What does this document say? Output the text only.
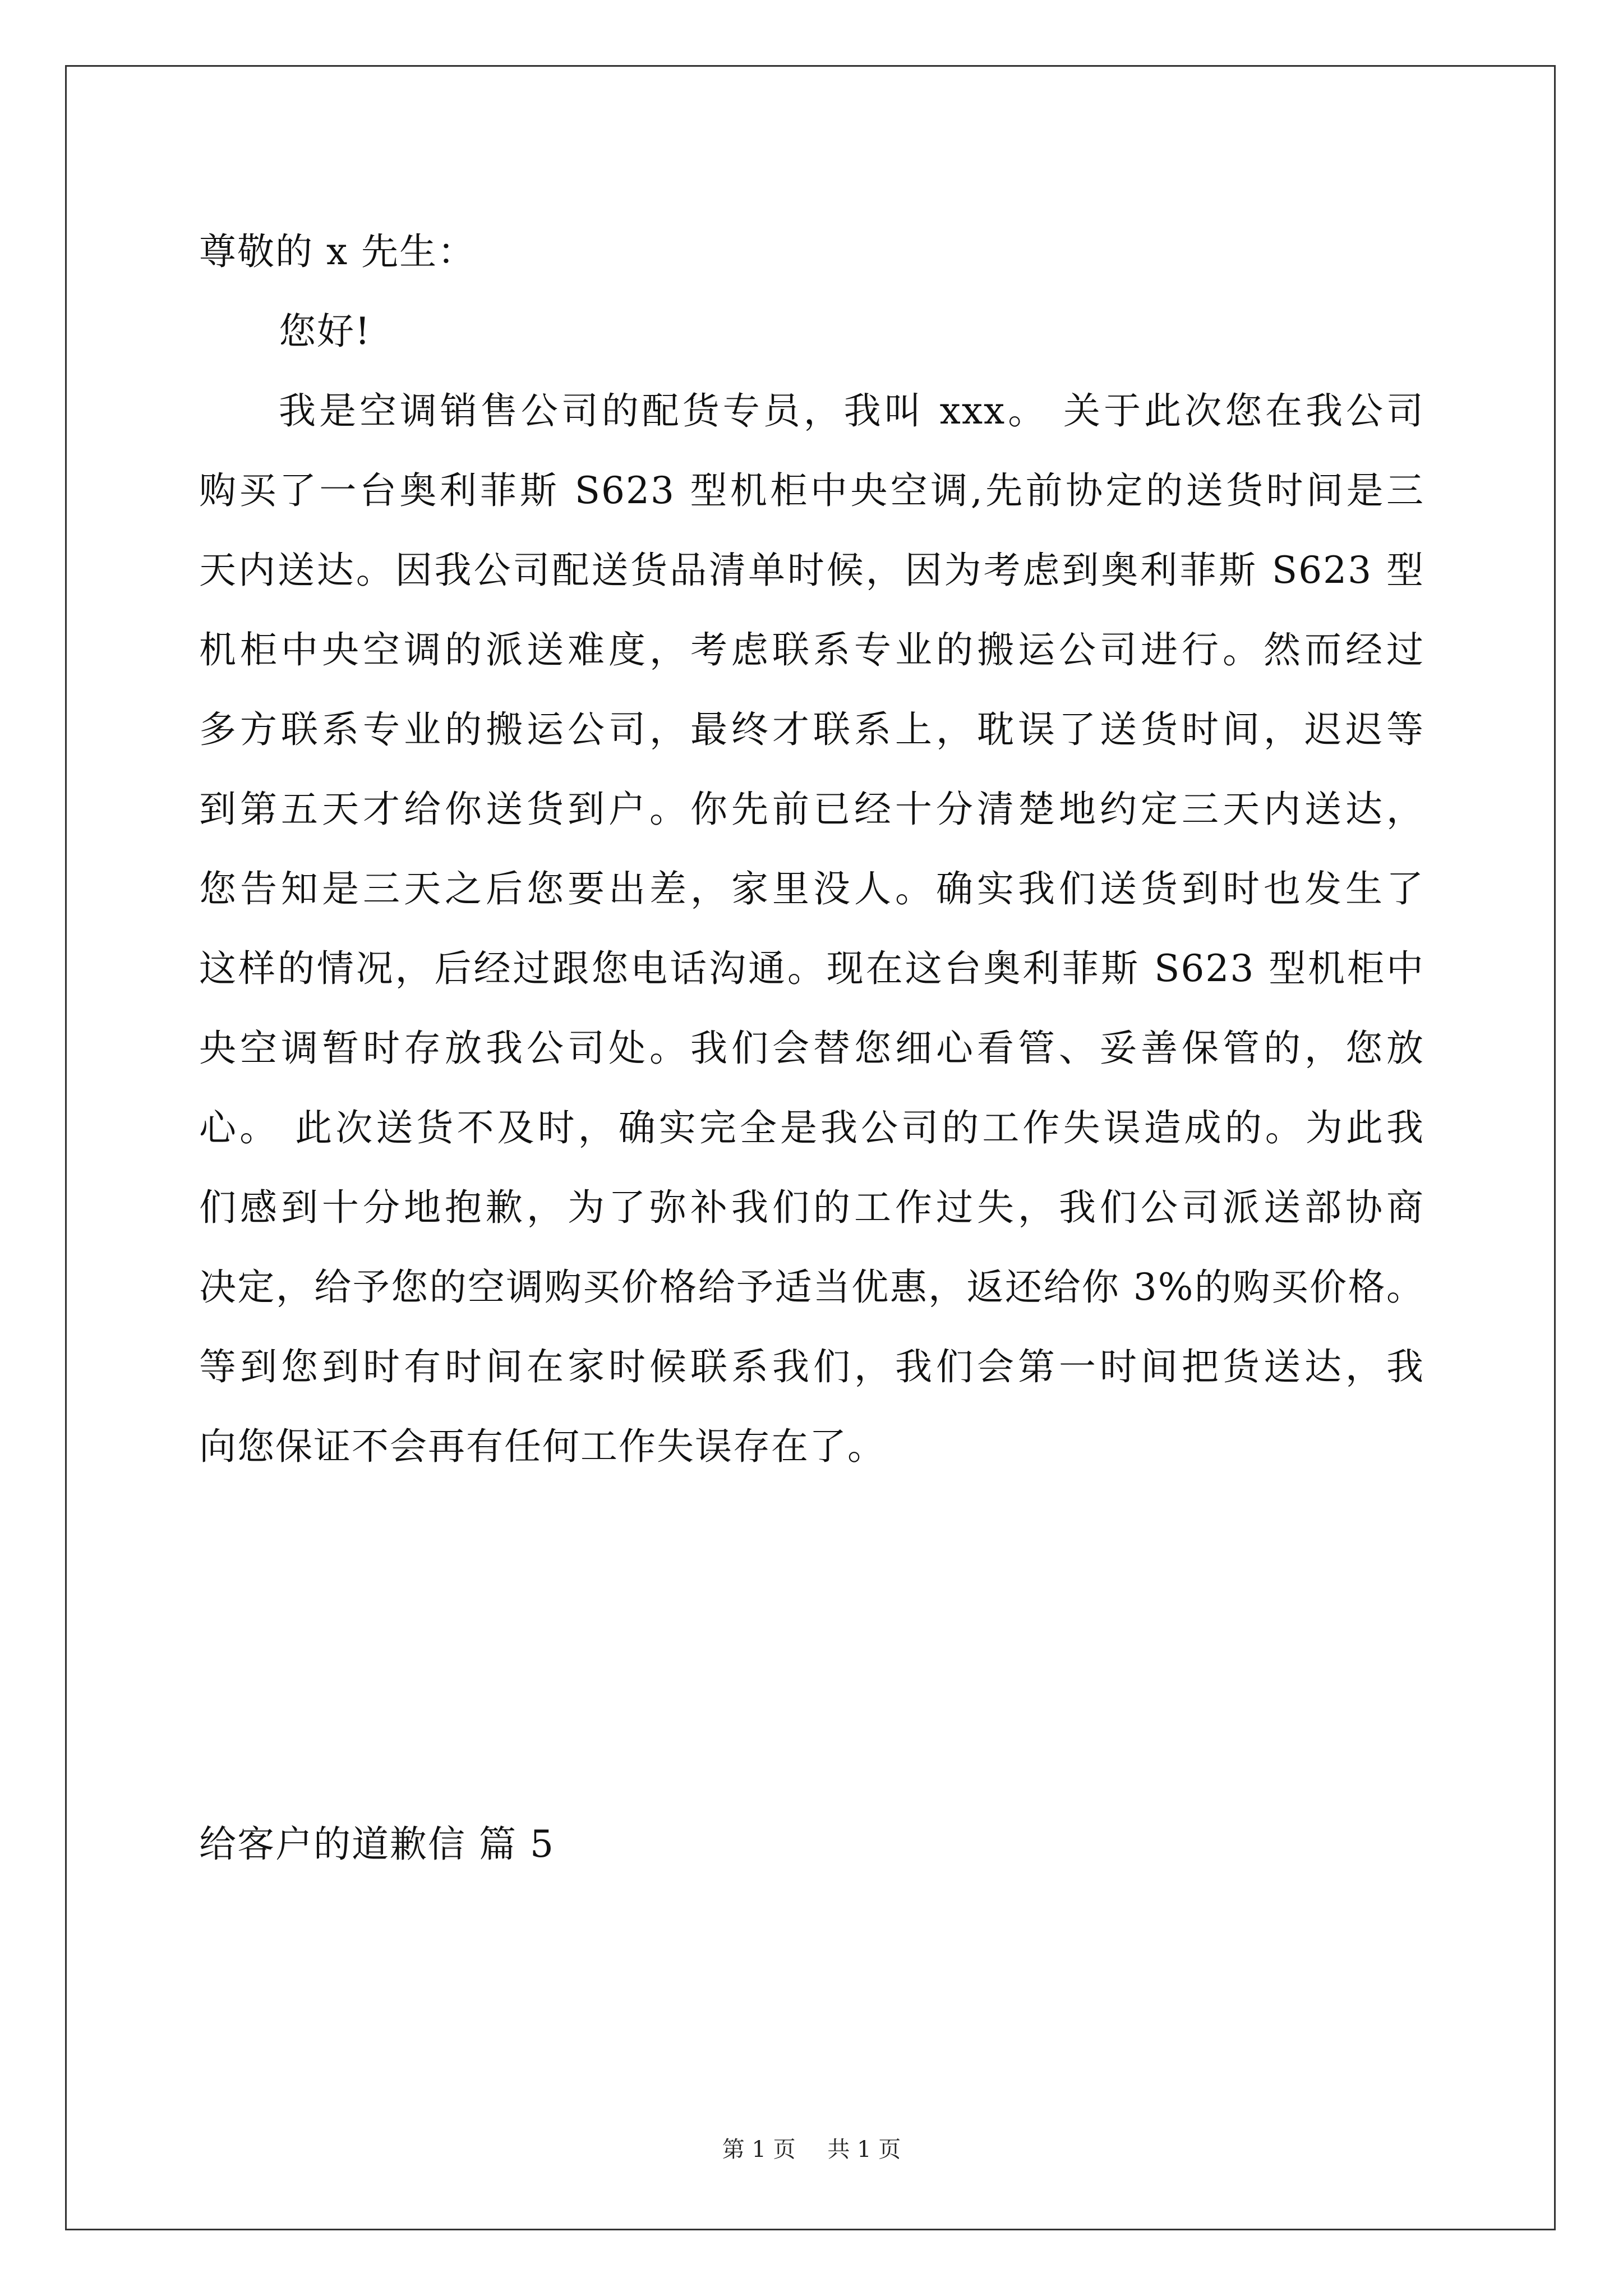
尊敬的 x 先生：
您好!
我是空调销售公司的配货专员，我叫 xxx。 关于此次您在我公司
购买了一台奥利菲斯 S623 型机柜中央空调,先前协定的送货时间是三
天内送达。因我公司配送货品清单时候，因为考虑到奥利菲斯 S623 型
机柜中央空调的派送难度，考虑联系专业的搬运公司进行。然而经过
多方联系专业的搬运公司，最终才联系上，耽误了送货时间，迟迟等
到第五天才给你送货到户。你先前已经十分清楚地约定三天内送达，
您告知是三天之后您要出差，家里没人。确实我们送货到时也发生了
这样的情况，后经过跟您电话沟通。现在这台奥利菲斯 S623 型机柜中
央空调暂时存放我公司处。我们会替您细心看管、妥善保管的，您放
心。 此次送货不及时，确实完全是我公司的工作失误造成的。为此我
们感到十分地抱歉，为了弥补我们的工作过失，我们公司派送部协商
决定，给予您的空调购买价格给予适当优惠，返还给你 3%的购买价格。
等到您到时有时间在家时候联系我们，我们会第一时间把货送达，我
向您保证不会再有任何工作失误存在了。
给客户的道歉信 篇 5
第 1 页 共 1 页
